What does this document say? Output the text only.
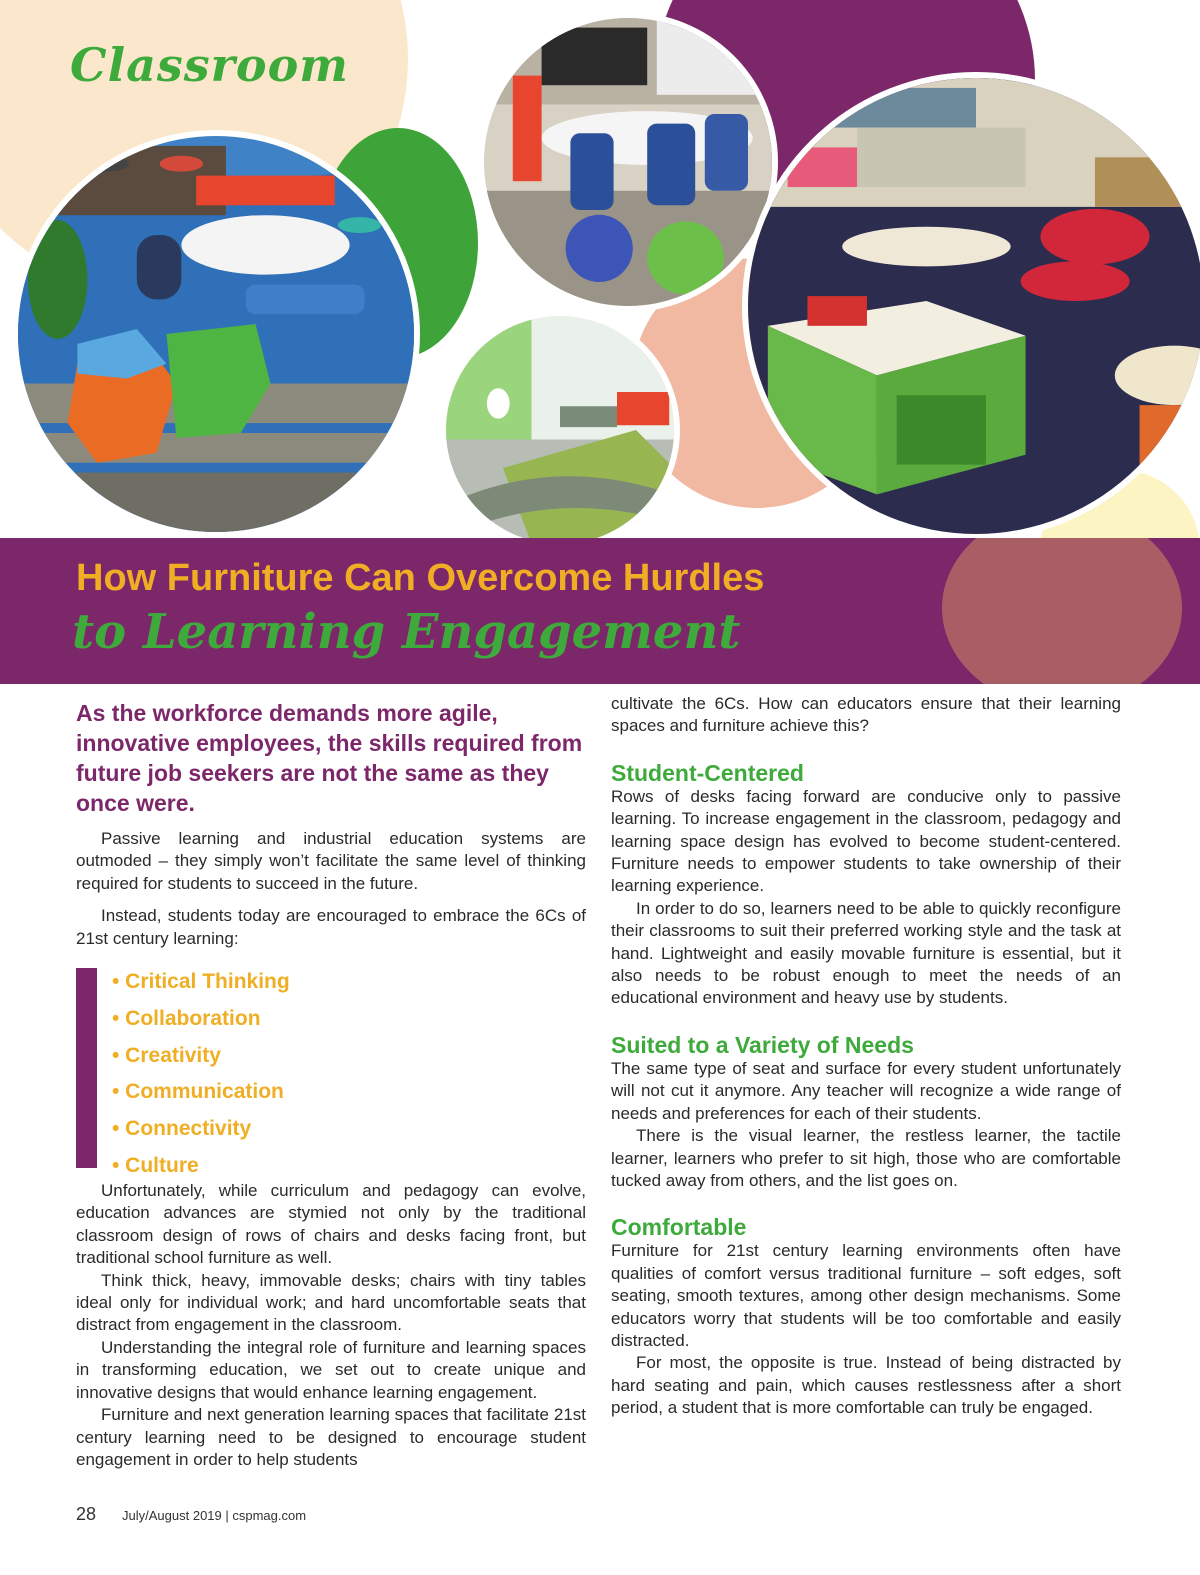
Classroom
How Furniture Can Overcome Hurdles
to Learning Engagement

As the workforce demands more agile, innovative employees, the skills required from future job seekers are not the same as they once were.

Passive learning and industrial education systems are outmoded – they simply won’t facilitate the same level of thinking required for students to succeed in the future.

Instead, students today are encouraged to embrace the 6Cs of 21st century learning:

• Critical Thinking
• Collaboration
• Creativity
• Communication
• Connectivity
• Culture

Unfortunately, while curriculum and pedagogy can evolve, education advances are stymied not only by the traditional classroom design of rows of chairs and desks facing front, but traditional school furniture as well.

Think thick, heavy, immovable desks; chairs with tiny tables ideal only for individual work; and hard uncomfortable seats that distract from engagement in the classroom.

Understanding the integral role of furniture and learning spaces in transforming education, we set out to create unique and innovative designs that would enhance learning engagement.

Furniture and next generation learning spaces that facilitate 21st century learning need to be designed to encourage student engagement in order to help students

cultivate the 6Cs. How can educators ensure that their learning spaces and furniture achieve this?

Student-Centered

Rows of desks facing forward are conducive only to passive learning. To increase engagement in the classroom, pedagogy and learning space design has evolved to become student-centered. Furniture needs to empower students to take ownership of their learning experience.

In order to do so, learners need to be able to quickly reconfigure their classrooms to suit their preferred working style and the task at hand. Lightweight and easily movable furniture is essential, but it also needs to be robust enough to meet the needs of an educational environment and heavy use by students.

Suited to a Variety of Needs

The same type of seat and surface for every student unfortunately will not cut it anymore. Any teacher will recognize a wide range of needs and preferences for each of their students.

There is the visual learner, the restless learner, the tactile learner, learners who prefer to sit high, those who are comfortable tucked away from others, and the list goes on.

Comfortable

Furniture for 21st century learning environments often have qualities of comfort versus traditional furniture – soft edges, soft seating, smooth textures, among other design mechanisms. Some educators worry that students will be too comfortable and easily distracted.

For most, the opposite is true. Instead of being distracted by hard seating and pain, which causes restlessness after a short period, a student that is more comfortable can truly be engaged.

28 July/August 2019 | cspmag.com
